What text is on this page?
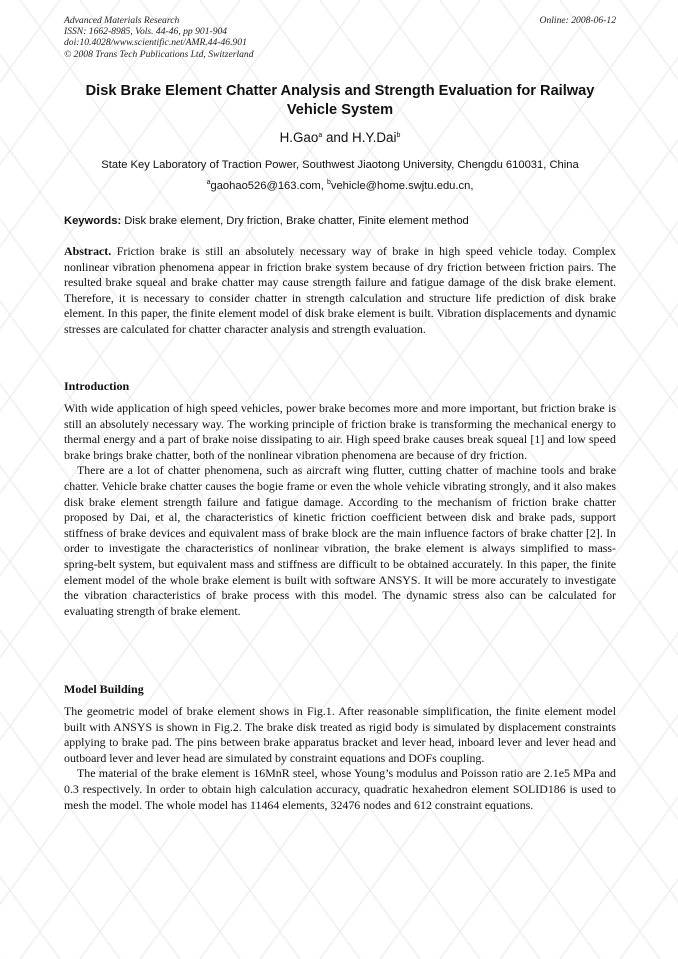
Advanced Materials Research
ISSN: 1662-8985, Vols. 44-46, pp 901-904
doi:10.4028/www.scientific.net/AMR.44-46.901
© 2008 Trans Tech Publications Ltd, Switzerland
Online: 2008-06-12
Disk Brake Element Chatter Analysis and Strength Evaluation for Railway Vehicle System
H.Gao$^a$ and H.Y.Dai$^b$
State Key Laboratory of Traction Power, Southwest Jiaotong University, Chengdu 610031, China
$^a$gaohao526@163.com, $^b$vehicle@home.swjtu.edu.cn,
Keywords: Disk brake element, Dry friction, Brake chatter, Finite element method

Abstract. Friction brake is still an absolutely necessary way of brake in high speed vehicle today. Complex nonlinear vibration phenomena appear in friction brake system because of dry friction between friction pairs. The resulted brake squeal and brake chatter may cause strength failure and fatigue damage of the disk brake element. Therefore, it is necessary to consider chatter in strength calculation and structure life prediction of disk brake element. In this paper, the finite element model of disk brake element is built. Vibration displacements and dynamic stresses are calculated for chatter character analysis and strength evaluation.

Introduction

With wide application of high speed vehicles, power brake becomes more and more important, but friction brake is still an absolutely necessary way. The working principle of friction brake is transforming the mechanical energy to thermal energy and a part of brake noise dissipating to air. High speed brake causes break squeal [1] and low speed brake brings brake chatter, both of the nonlinear vibration phenomena are because of dry friction.

There are a lot of chatter phenomena, such as aircraft wing flutter, cutting chatter of machine tools and brake chatter. Vehicle brake chatter causes the bogie frame or even the whole vehicle vibrating strongly, and it also makes disk brake element strength failure and fatigue damage. According to the mechanism of friction brake chatter proposed by Dai, et al, the characteristics of kinetic friction coefficient between disk and brake pads, support stiffness of brake devices and equivalent mass of brake block are the main influence factors of brake chatter [2]. In order to investigate the characteristics of nonlinear vibration, the brake element is always simplified to mass-spring-belt system, but equivalent mass and stiffness are difficult to be obtained accurately. In this paper, the finite element model of the whole brake element is built with software ANSYS. It will be more accurately to investigate the vibration characteristics of brake process with this model. The dynamic stress also can be calculated for evaluating strength of brake element.

Model Building

The geometric model of brake element shows in Fig.1. After reasonable simplification, the finite element model built with ANSYS is shown in Fig.2. The brake disk treated as rigid body is simulated by displacement constraints applying to brake pad. The pins between brake apparatus bracket and lever head, inboard lever and lever head and outboard lever and lever head are simulated by constraint equations and DOFs coupling.

The material of the brake element is 16MnR steel, whose Young’s modulus and Poisson ratio are 2.1e5 MPa and 0.3 respectively. In order to obtain high calculation accuracy, quadratic hexahedron element SOLID186 is used to mesh the model. The whole model has 11464 elements, 32476 nodes and 612 constraint equations.
